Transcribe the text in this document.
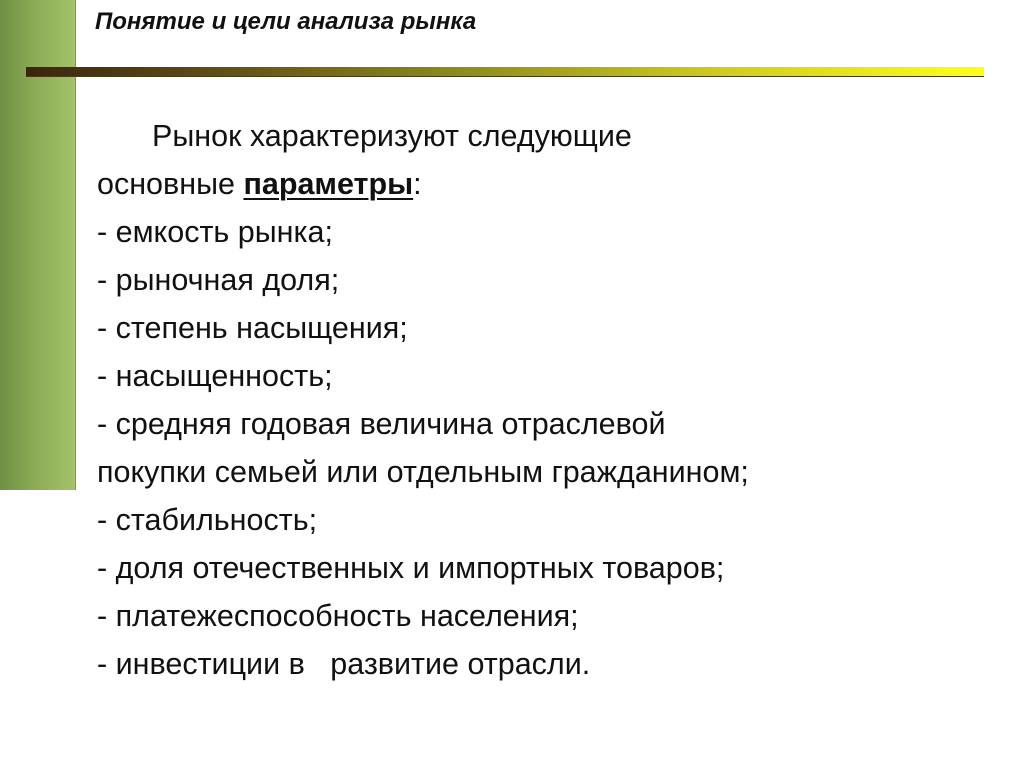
Понятие и цели анализа рынка
Рынок характеризуют следующие
основные параметры:
- емкость рынка;
- рыночная доля;
- степень насыщения;
- насыщенность;
- средняя годовая величина отраслевой
покупки семьей или отдельным гражданином;
- стабильность;
- доля отечественных и импортных товаров;
- платежеспособность населения;
- инвестиции в   развитие отрасли.
